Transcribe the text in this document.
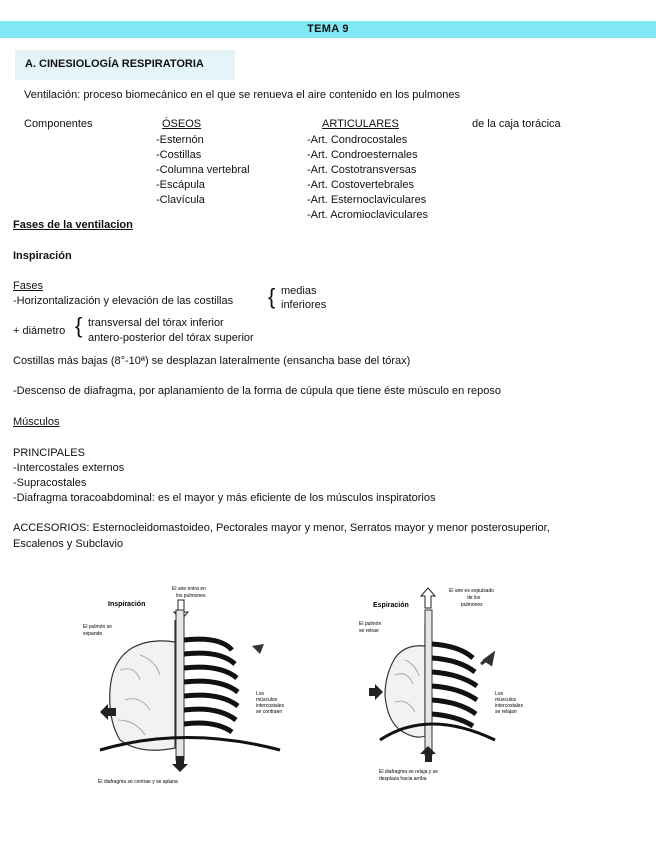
TEMA 9
A. CINESIOLOGÍA RESPIRATORIA
Ventilación: proceso biomecánico en el que se renueva el aire contenido en los pulmones
Componentes	ÓSEOS
-Esternón
-Costillas
-Columna vertebral
-Escápula
-Clavícula
ARTICULARES
-Art. Condrocostales
-Art. Condroesternales
-Art. Costotransversas
-Art. Costovertebrales
-Art. Esternoclaviculares
-Art. Acromioclaviculares
de la caja torácica
Fases de la ventilacion
Inspiración
Fases
-Horizontalización y elevación de las costillas { medias
inferiores
+ diámetro { transversal del tórax inferior
antero-posterior del tórax superior
Costillas más bajas (8°-10ª) se desplazan lateralmente (ensancha base del tórax)
-Descenso de diafragma, por aplanamiento de la forma de cúpula que tiene éste músculo en reposo
Músculos
PRINCIPALES
-Intercostales externos
-Supracostales
-Diafragma toracoabdominal: es el mayor y más eficiente de los músculos inspiratorios
ACCESORIOS: Esternocleidomastoideo, Pectorales mayor y menor, Serratos mayor y menor posterosuperior,
Escalenos y Subclavio
Inspiración
El aire entra en
los pulmones
El pulmón se
expande
Los
músculos
intercostales
se contraen
El diafragma se contrae y se aplana
Espiración
El aire es expulsado
de los
pulmones
El pulmón
se retrae
Los
músculos
intercostales
se relajan
El diafragma se relaja y se
desplaza hacia arriba
